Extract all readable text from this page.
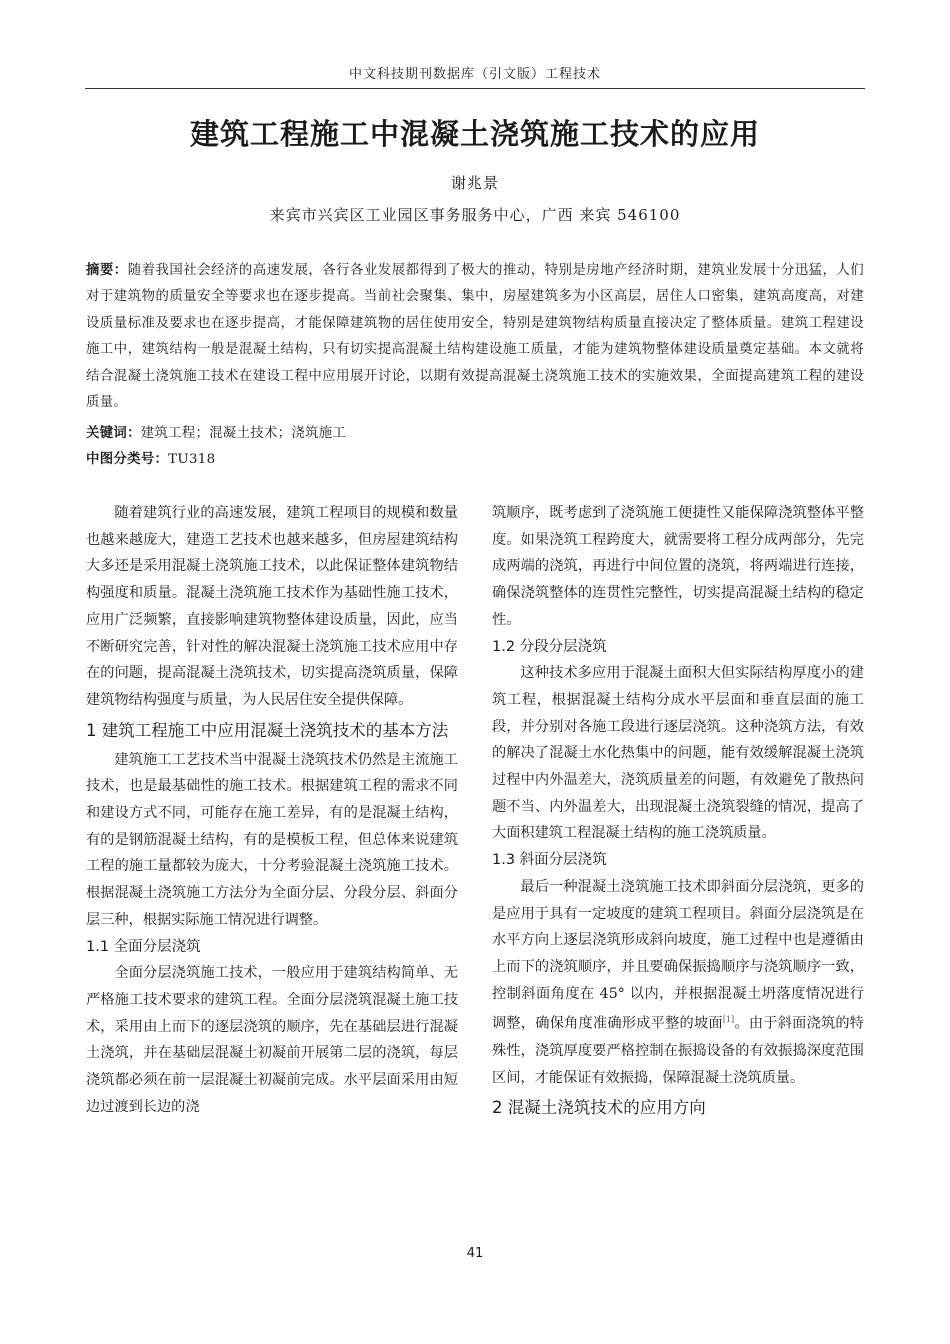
中文科技期刊数据库（引文版）工程技术
建筑工程施工中混凝土浇筑施工技术的应用
谢兆景
来宾市兴宾区工业园区事务服务中心，广西 来宾 546100
摘要：随着我国社会经济的高速发展，各行各业发展都得到了极大的推动，特别是房地产经济时期，建筑业发展十分迅猛，人们对于建筑物的质量安全等要求也在逐步提高。当前社会聚集、集中，房屋建筑多为小区高层，居住人口密集，建筑高度高，对建设质量标准及要求也在逐步提高，才能保障建筑物的居住使用安全，特别是建筑物结构质量直接决定了整体质量。建筑工程建设施工中，建筑结构一般是混凝土结构，只有切实提高混凝土结构建设施工质量，才能为建筑物整体建设质量奠定基础。本文就将结合混凝土浇筑施工技术在建设工程中应用展开讨论，以期有效提高混凝土浇筑施工技术的实施效果，全面提高建筑工程的建设质量。
关键词：建筑工程；混凝土技术；浇筑施工
中图分类号：TU318

随着建筑行业的高速发展，建筑工程项目的规模和数量也越来越庞大，建造工艺技术也越来越多，但房屋建筑结构大多还是采用混凝土浇筑施工技术，以此保证整体建筑物结构强度和质量。混凝土浇筑施工技术作为基础性施工技术，应用广泛频繁，直接影响建筑物整体建设质量，因此，应当不断研究完善，针对性的解决混凝土浇筑施工技术应用中存在的问题，提高混凝土浇筑技术，切实提高浇筑质量，保障建筑物结构强度与质量，为人民居住安全提供保障。

1 建筑工程施工中应用混凝土浇筑技术的基本方法

建筑施工工艺技术当中混凝土浇筑技术仍然是主流施工技术，也是最基础性的施工技术。根据建筑工程的需求不同和建设方式不同，可能存在施工差异，有的是混凝土结构，有的是钢筋混凝土结构，有的是模板工程，但总体来说建筑工程的施工量都较为庞大，十分考验混凝土浇筑施工技术。根据混凝土浇筑施工方法分为全面分层、分段分层、斜面分层三种，根据实际施工情况进行调整。

1.1 全面分层浇筑

全面分层浇筑施工技术，一般应用于建筑结构简单、无严格施工技术要求的建筑工程。全面分层浇筑混凝土施工技术，采用由上而下的逐层浇筑的顺序，先在基础层进行混凝土浇筑，并在基础层混凝土初凝前开展第二层的浇筑，每层浇筑都必须在前一层混凝土初凝前完成。水平层面采用由短边过渡到长边的浇

筑顺序，既考虑到了浇筑施工便捷性又能保障浇筑整体平整度。如果浇筑工程跨度大，就需要将工程分成两部分，先完成两端的浇筑，再进行中间位置的浇筑，将两端进行连接，确保浇筑整体的连贯性完整性，切实提高混凝土结构的稳定性。

1.2 分段分层浇筑

这种技术多应用于混凝土面积大但实际结构厚度小的建筑工程，根据混凝土结构分成水平层面和垂直层面的施工段，并分别对各施工段进行逐层浇筑。这种浇筑方法，有效的解决了混凝土水化热集中的问题，能有效缓解混凝土浇筑过程中内外温差大，浇筑质量差的问题，有效避免了散热问题不当、内外温差大，出现混凝土浇筑裂缝的情况，提高了大面积建筑工程混凝土结构的施工浇筑质量。

1.3 斜面分层浇筑

最后一种混凝土浇筑施工技术即斜面分层浇筑，更多的是应用于具有一定坡度的建筑工程项目。斜面分层浇筑是在水平方向上逐层浇筑形成斜向坡度，施工过程中也是遵循由上而下的浇筑顺序，并且要确保振捣顺序与浇筑顺序一致，控制斜面角度在 45° 以内，并根据混凝土坍落度情况进行调整，确保角度准确形成平整的坡面[1]。由于斜面浇筑的特殊性，浇筑厚度要严格控制在振捣设备的有效振捣深度范围区间，才能保证有效振捣，保障混凝土浇筑质量。

2 混凝土浇筑技术的应用方向
41
